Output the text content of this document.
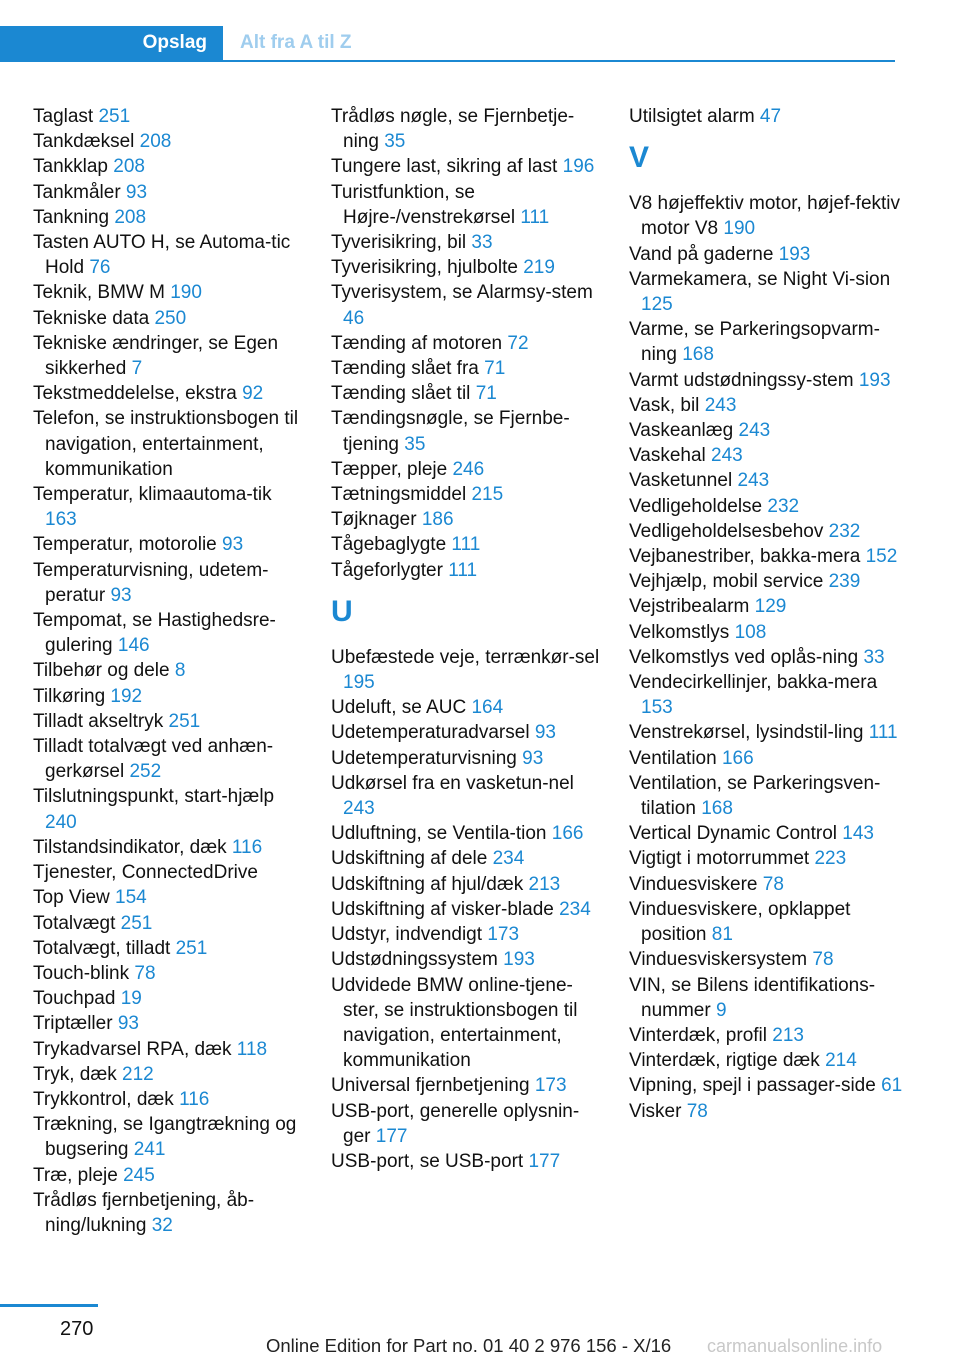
Opslag Alt fra A til Z
Taglast 251
Tankdæksel 208
Tankklap 208
Tankmåler 93
Tankning 208
Tasten AUTO H, se Automa-tic Hold 76
Teknik, BMW M 190
Tekniske data 250
Tekniske ændringer, se Egen sikkerhed 7
Tekstmeddelelse, ekstra 92
Telefon, se instruktionsbogen til navigation, entertainment, kommunikation
Temperatur, klimaautoma-tik 163
Temperatur, motorolie 93
Temperaturvisning, udetem-peratur 93
Tempomat, se Hastighedsre-gulering 146
Tilbehør og dele 8
Tilkøring 192
Tilladt akseltryk 251
Tilladt totalvægt ved anhæn-gerkørsel 252
Tilslutningspunkt, start-hjælp 240
Tilstandsindikator, dæk 116
Tjenester, ConnectedDrive
Top View 154
Totalvægt 251
Totalvægt, tilladt 251
Touch-blink 78
Touchpad 19
Triptæller 93
Trykadvarsel RPA, dæk 118
Tryk, dæk 212
Trykkontrol, dæk 116
Trækning, se Igangtrækning og bugsering 241
Træ, pleje 245
Trådløs fjernbetjening, åb-ning/lukning 32
Trådløs nøgle, se Fjernbetje-ning 35
Tungere last, sikring af last 196
Turistfunktion, se Højre-/venstrekørsel 111
Tyverisikring, bil 33
Tyverisikring, hjulbolte 219
Tyverisystem, se Alarmsy-stem 46
Tænding af motoren 72
Tænding slået fra 71
Tænding slået til 71
Tændingsnøgle, se Fjernbe-tjening 35
Tæpper, pleje 246
Tætningsmiddel 215
Tøjknager 186
Tågebaglygte 111
Tågeforlygter 111
U
Ubefæstede veje, terrænkør-sel 195
Udeluft, se AUC 164
Udetemperaturadvarsel 93
Udetemperaturvisning 93
Udkørsel fra en vasketun-nel 243
Udluftning, se Ventila-tion 166
Udskiftning af dele 234
Udskiftning af hjul/dæk 213
Udskiftning af visker-blade 234
Udstyr, indvendigt 173
Udstødningssystem 193
Udvidede BMW online-tjene-ster, se instruktionsbogen til navigation, entertainment, kommunikation
Universal fjernbetjening 173
USB-port, generelle oplysnin-ger 177
USB-port, se USB-port 177
Utilsigtet alarm 47
V
V8 højeffektiv motor, højef-fektiv motor V8 190
Vand på gaderne 193
Varmekamera, se Night Vi-sion 125
Varme, se Parkeringsopvarm-ning 168
Varmt udstødningssy-stem 193
Vask, bil 243
Vaskeanlæg 243
Vaskehal 243
Vasketunnel 243
Vedligeholdelse 232
Vedligeholdelsesbehov 232
Vejbanestriber, bakka-mera 152
Vejhjælp, mobil service 239
Vejstribealarm 129
Velkomstlys 108
Velkomstlys ved oplås-ning 33
Vendecirkellinjer, bakka-mera 153
Venstrekørsel, lysindstil-ling 111
Ventilation 166
Ventilation, se Parkeringsven-tilation 168
Vertical Dynamic Control 143
Vigtigt i motorrummet 223
Vinduesviskere 78
Vinduesviskere, opklappet position 81
Vinduesviskersystem 78
VIN, se Bilens identifikations-nummer 9
Vinterdæk, profil 213
Vinterdæk, rigtige dæk 214
Vipning, spejl i passager-side 61
Visker 78
270
Online Edition for Part no. 01 40 2 976 156 - X/16 carmanualsonline.info
